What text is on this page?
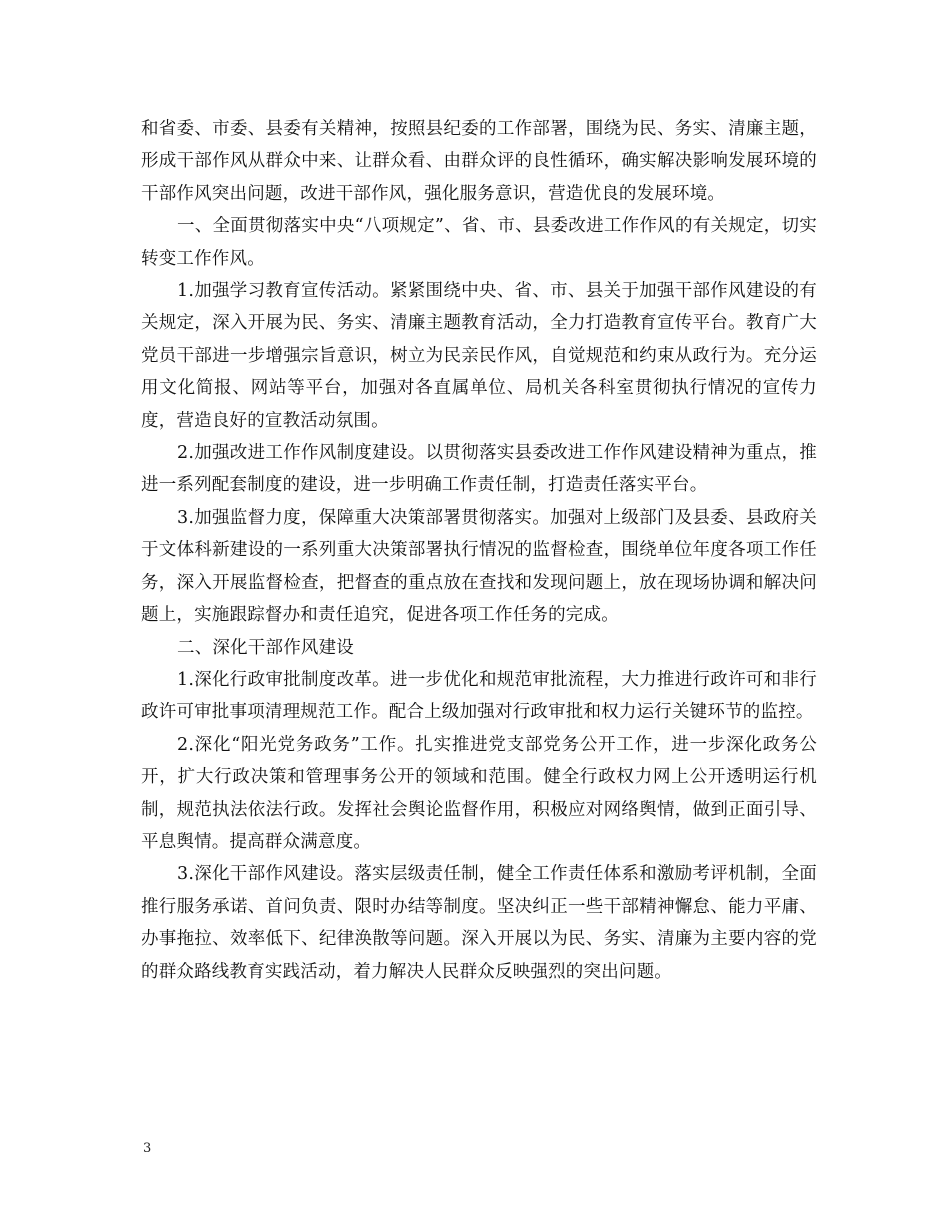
和省委、市委、县委有关精神，按照县纪委的工作部署，围绕为民、务实、清廉主题，形成干部作风从群众中来、让群众看、由群众评的良性循环，确实解决影响发展环境的干部作风突出问题，改进干部作风，强化服务意识，营造优良的发展环境。

一、全面贯彻落实中央“八项规定”、省、市、县委改进工作作风的有关规定，切实转变工作作风。

1.加强学习教育宣传活动。紧紧围绕中央、省、市、县关于加强干部作风建设的有关规定，深入开展为民、务实、清廉主题教育活动，全力打造教育宣传平台。教育广大党员干部进一步增强宗旨意识，树立为民亲民作风，自觉规范和约束从政行为。充分运用文化简报、网站等平台，加强对各直属单位、局机关各科室贯彻执行情况的宣传力度，营造良好的宣教活动氛围。

2.加强改进工作作风制度建设。以贯彻落实县委改进工作作风建设精神为重点，推进一系列配套制度的建设，进一步明确工作责任制，打造责任落实平台。

3.加强监督力度，保障重大决策部署贯彻落实。加强对上级部门及县委、县政府关于文体科新建设的一系列重大决策部署执行情况的监督检查，围绕单位年度各项工作任务，深入开展监督检查，把督查的重点放在查找和发现问题上，放在现场协调和解决问题上，实施跟踪督办和责任追究，促进各项工作任务的完成。

二、深化干部作风建设

1.深化行政审批制度改革。进一步优化和规范审批流程，大力推进行政许可和非行政许可审批事项清理规范工作。配合上级加强对行政审批和权力运行关键环节的监控。

2.深化“阳光党务政务”工作。扎实推进党支部党务公开工作，进一步深化政务公开，扩大行政决策和管理事务公开的领域和范围。健全行政权力网上公开透明运行机制，规范执法依法行政。发挥社会舆论监督作用，积极应对网络舆情，做到正面引导、平息舆情。提高群众满意度。

3.深化干部作风建设。落实层级责任制，健全工作责任体系和激励考评机制，全面推行服务承诺、首问负责、限时办结等制度。坚决纠正一些干部精神懈怠、能力平庸、办事拖拉、效率低下、纪律涣散等问题。深入开展以为民、务实、清廉为主要内容的党的群众路线教育实践活动，着力解决人民群众反映强烈的突出问题。

3
